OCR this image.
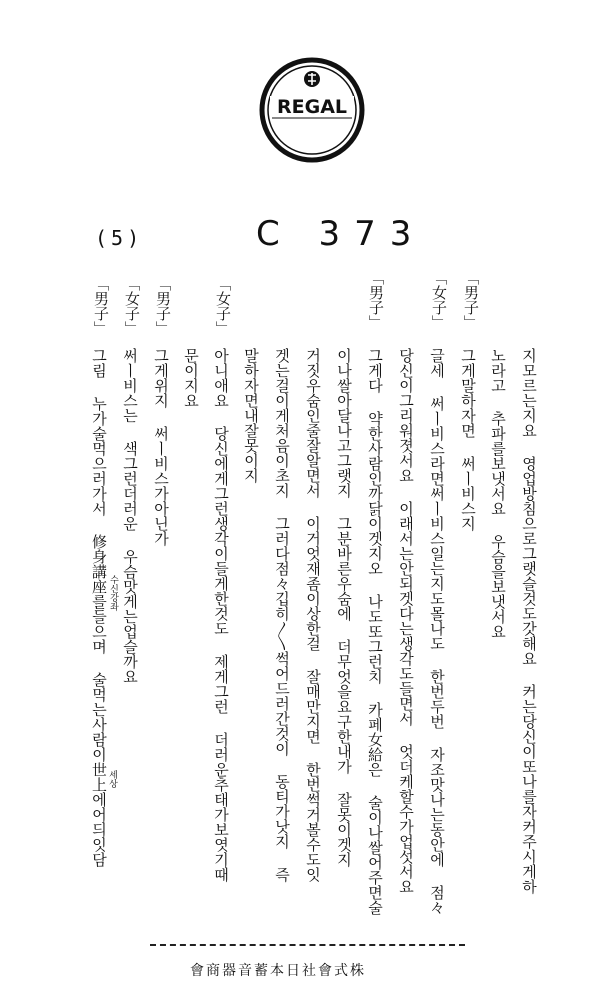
REGAL
(5)	C 373
「男子」
「女子」
「男子」
「女子」
「男子」
「女子」
「男子」
지모르는지요 영업방침으로그랫슬것도갓해요 커는당신이또나를자커주시게하
노라고 추파를보냇서요 우슴을보냇서요
그게말하자면 써ㅣ비스지
글세 써ㅣ비스라면써ㅣ비스일는지도몰나도 한번두번 자조맛나는동안에 점々
당신이그리워졋서요 이래서는안되겟다는생각도들면서 엇더케할수가업섯서요
그게다 약한사람인까닭이겟지오 나도또그런치 카페女給은 술이나쌀어주면술
이나쌀아달나고그랫지 그분바른우숨에 더무엇을요구한내가 잘못이겟지
거짓우숨인줄잘알면서 이거엇재좀이상한걸 잘매만지면 한번썩거볼수도잇
겟는걸이게처음이초지 그러다점々깁히〳〵썩어드러간것이 동티가낫지 즉
말하자면내잘못이지
아니애요 당신에게그런생각이들게한것도 제게그런 더러운추태가보엿기때
문이지요
그게위지 써ㅣ비스가아닌가
써ㅣ비스는 색그런더러운 우슴맛게는업슬까요
그림 누가술먹으러가서 修身講座를들으며 술먹는사람이世上에어듸잇담 수신강좌
세상
株式會社日本蓄音器商會
